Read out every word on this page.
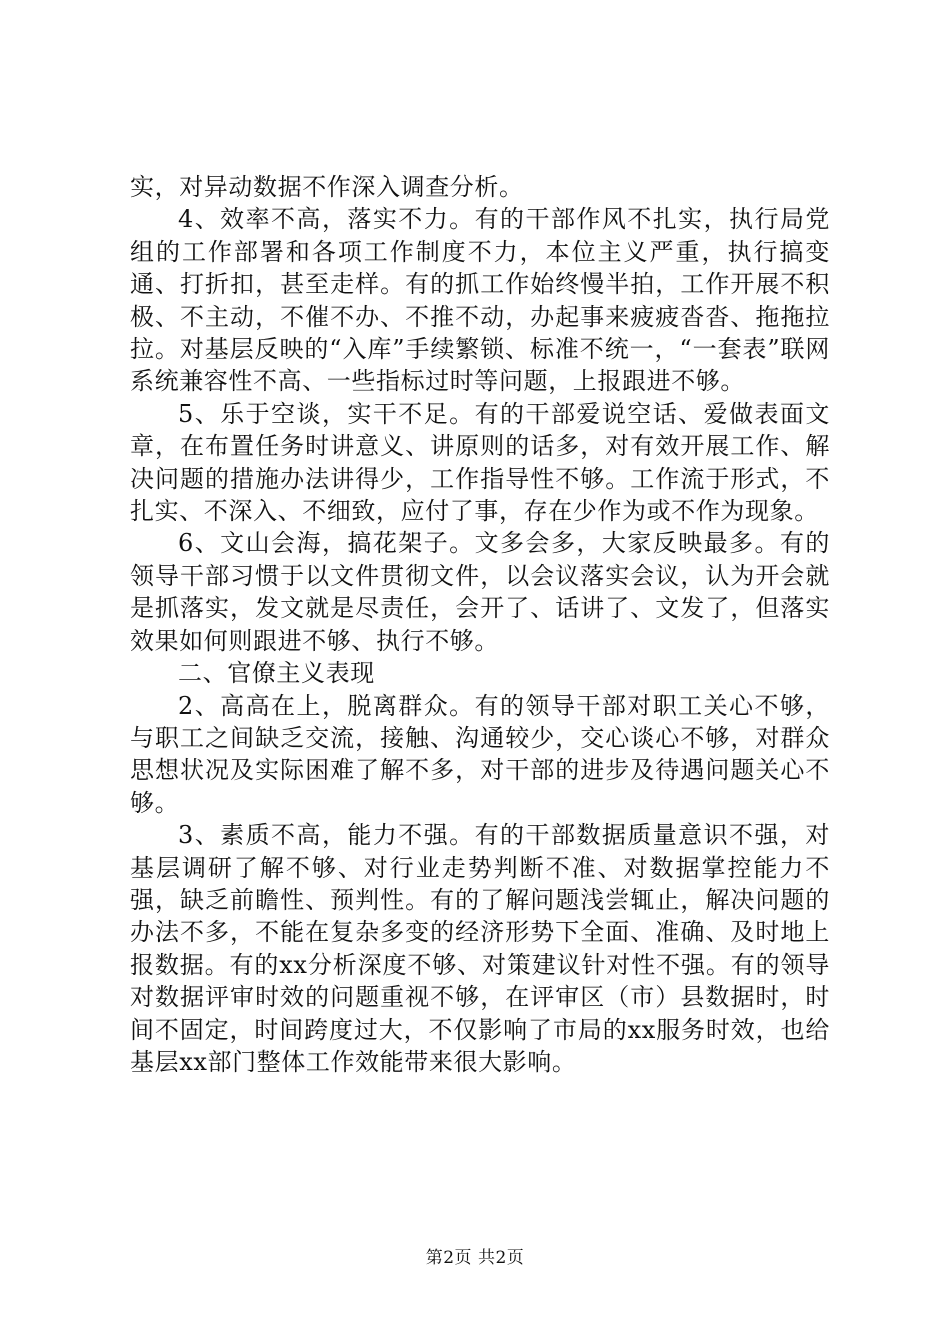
实，对异动数据不作深入调查分析。

4、效率不高，落实不力。有的干部作风不扎实，执行局党组的工作部署和各项工作制度不力，本位主义严重，执行搞变通、打折扣，甚至走样。有的抓工作始终慢半拍，工作开展不积极、不主动，不催不办、不推不动，办起事来疲疲沓沓、拖拖拉拉。对基层反映的“入库”手续繁锁、标准不统一，“一套表”联网系统兼容性不高、一些指标过时等问题，上报跟进不够。

5、乐于空谈，实干不足。有的干部爱说空话、爱做表面文章，在布置任务时讲意义、讲原则的话多，对有效开展工作、解决问题的措施办法讲得少，工作指导性不够。工作流于形式，不扎实、不深入、不细致，应付了事，存在少作为或不作为现象。

6、文山会海，搞花架子。文多会多，大家反映最多。有的领导干部习惯于以文件贯彻文件，以会议落实会议，认为开会就是抓落实，发文就是尽责任，会开了、话讲了、文发了，但落实效果如何则跟进不够、执行不够。

二、官僚主义表现

2、高高在上，脱离群众。有的领导干部对职工关心不够，与职工之间缺乏交流，接触、沟通较少，交心谈心不够，对群众思想状况及实际困难了解不多，对干部的进步及待遇问题关心不够。

3、素质不高，能力不强。有的干部数据质量意识不强，对基层调研了解不够、对行业走势判断不准、对数据掌控能力不强，缺乏前瞻性、预判性。有的了解问题浅尝辄止，解决问题的办法不多，不能在复杂多变的经济形势下全面、准确、及时地上报数据。有的xx分析深度不够、对策建议针对性不强。有的领导对数据评审时效的问题重视不够，在评审区（市）县数据时，时间不固定，时间跨度过大，不仅影响了市局的xx服务时效，也给基层xx部门整体工作效能带来很大影响。

第2页 共2页
